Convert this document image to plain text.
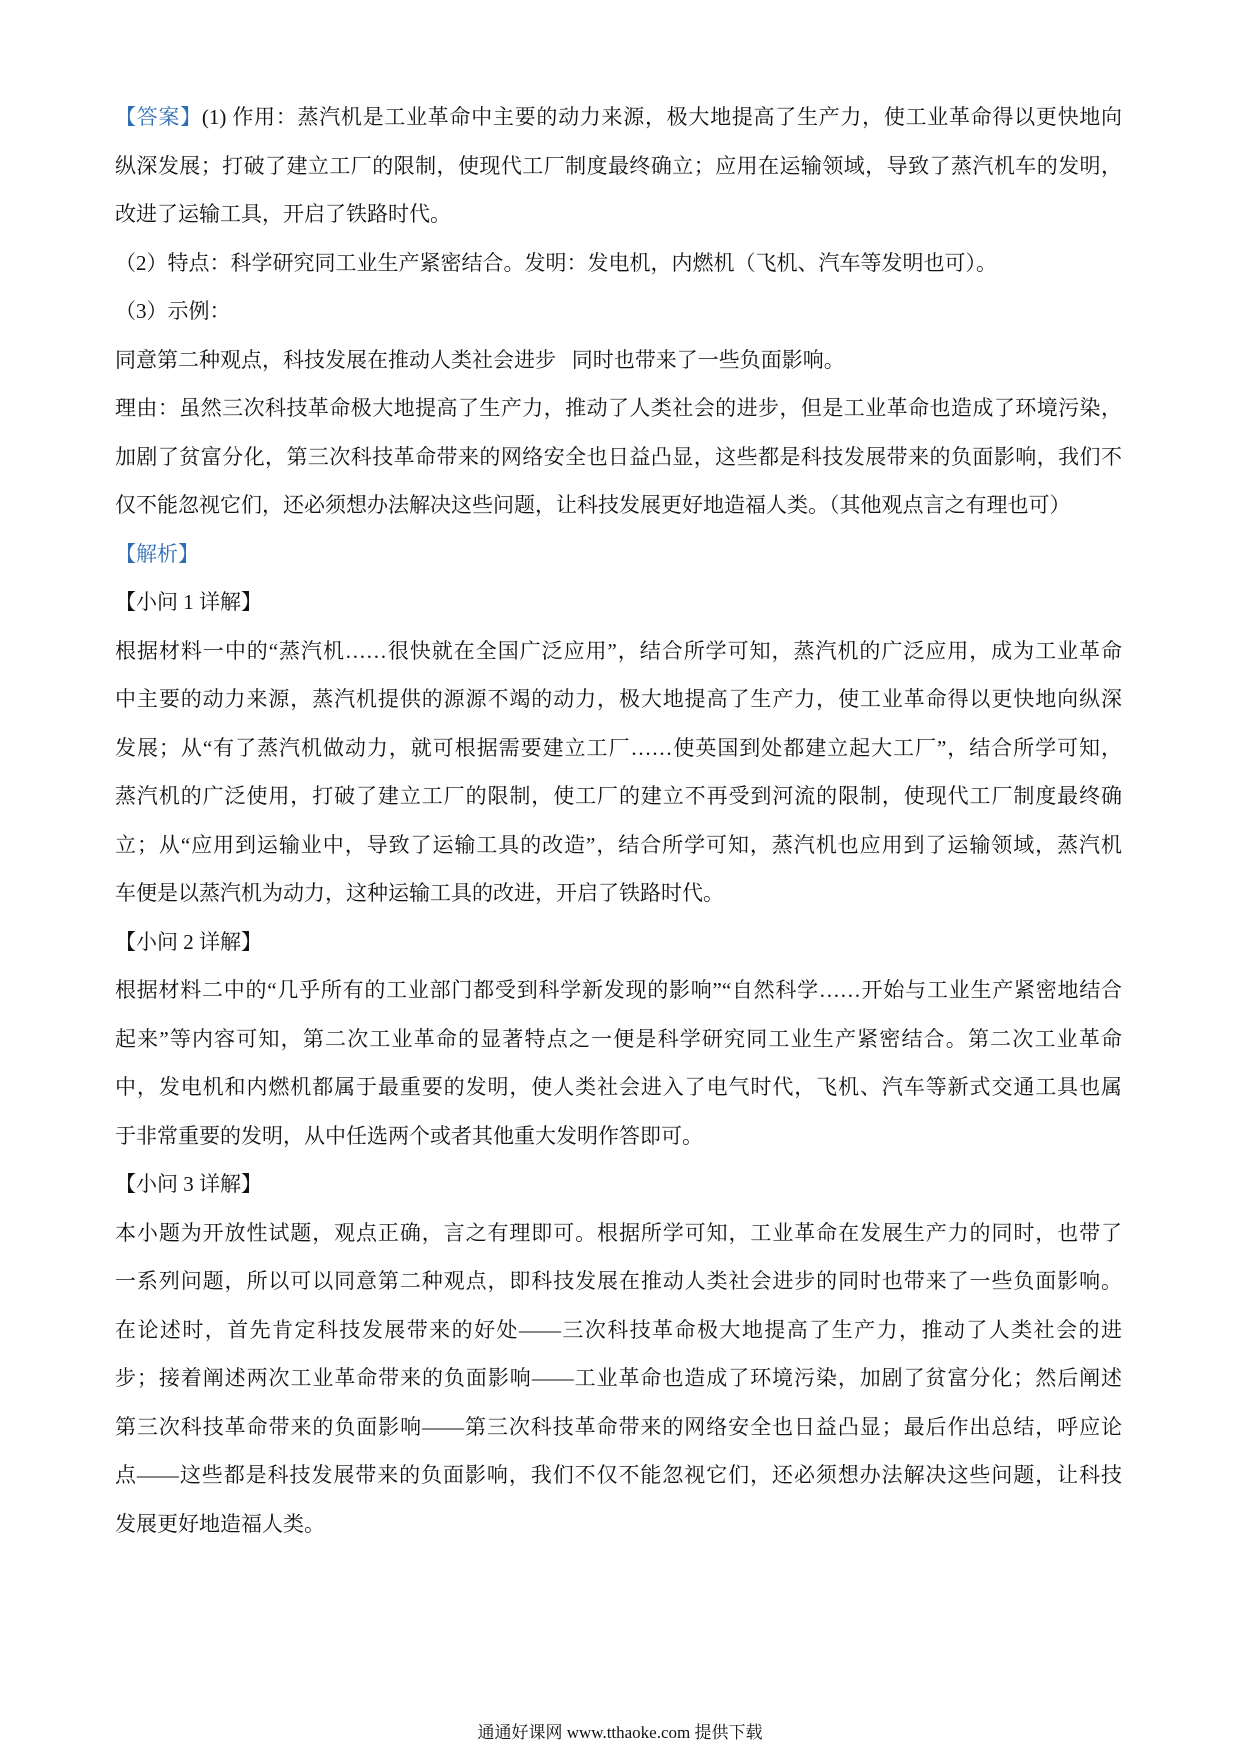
【答案】(1) 作用：蒸汽机是工业革命中主要的动力来源，极大地提高了生产力，使工业革命得以更快地向
纵深发展；打破了建立工厂的限制，使现代工厂制度最终确立；应用在运输领域，导致了蒸汽机车的发明，
改进了运输工具，开启了铁路时代。
（2）特点：科学研究同工业生产紧密结合。发明：发电机，内燃机（飞机、汽车等发明也可）。
（3）示例：
同意第二种观点，科技发展在推动人类社会进步   同时也带来了一些负面影响。
理由：虽然三次科技革命极大地提高了生产力，推动了人类社会的进步，但是工业革命也造成了环境污染，
加剧了贫富分化，第三次科技革命带来的网络安全也日益凸显，这些都是科技发展带来的负面影响，我们不
仅不能忽视它们，还必须想办法解决这些问题，让科技发展更好地造福人类。（其他观点言之有理也可）
【解析】
【小问 1 详解】
根据材料一中的“蒸汽机……很快就在全国广泛应用”，结合所学可知，蒸汽机的广泛应用，成为工业革命
中主要的动力来源，蒸汽机提供的源源不竭的动力，极大地提高了生产力，使工业革命得以更快地向纵深
发展；从“有了蒸汽机做动力，就可根据需要建立工厂……使英国到处都建立起大工厂”，结合所学可知，
蒸汽机的广泛使用，打破了建立工厂的限制，使工厂的建立不再受到河流的限制，使现代工厂制度最终确
立；从“应用到运输业中，导致了运输工具的改造”，结合所学可知，蒸汽机也应用到了运输领域，蒸汽机
车便是以蒸汽机为动力，这种运输工具的改进，开启了铁路时代。
【小问 2 详解】
根据材料二中的“几乎所有的工业部门都受到科学新发现的影响”“自然科学……开始与工业生产紧密地结合
起来”等内容可知，第二次工业革命的显著特点之一便是科学研究同工业生产紧密结合。第二次工业革命
中，发电机和内燃机都属于最重要的发明，使人类社会进入了电气时代，飞机、汽车等新式交通工具也属
于非常重要的发明，从中任选两个或者其他重大发明作答即可。
【小问 3 详解】
本小题为开放性试题，观点正确，言之有理即可。根据所学可知，工业革命在发展生产力的同时，也带了
一系列问题，所以可以同意第二种观点，即科技发展在推动人类社会进步的同时也带来了一些负面影响。
在论述时，首先肯定科技发展带来的好处——三次科技革命极大地提高了生产力，推动了人类社会的进
步；接着阐述两次工业革命带来的负面影响——工业革命也造成了环境污染，加剧了贫富分化；然后阐述
第三次科技革命带来的负面影响——第三次科技革命带来的网络安全也日益凸显；最后作出总结，呼应论
点——这些都是科技发展带来的负面影响，我们不仅不能忽视它们，还必须想办法解决这些问题，让科技
发展更好地造福人类。
通通好课网 www.tthaoke.com 提供下载
